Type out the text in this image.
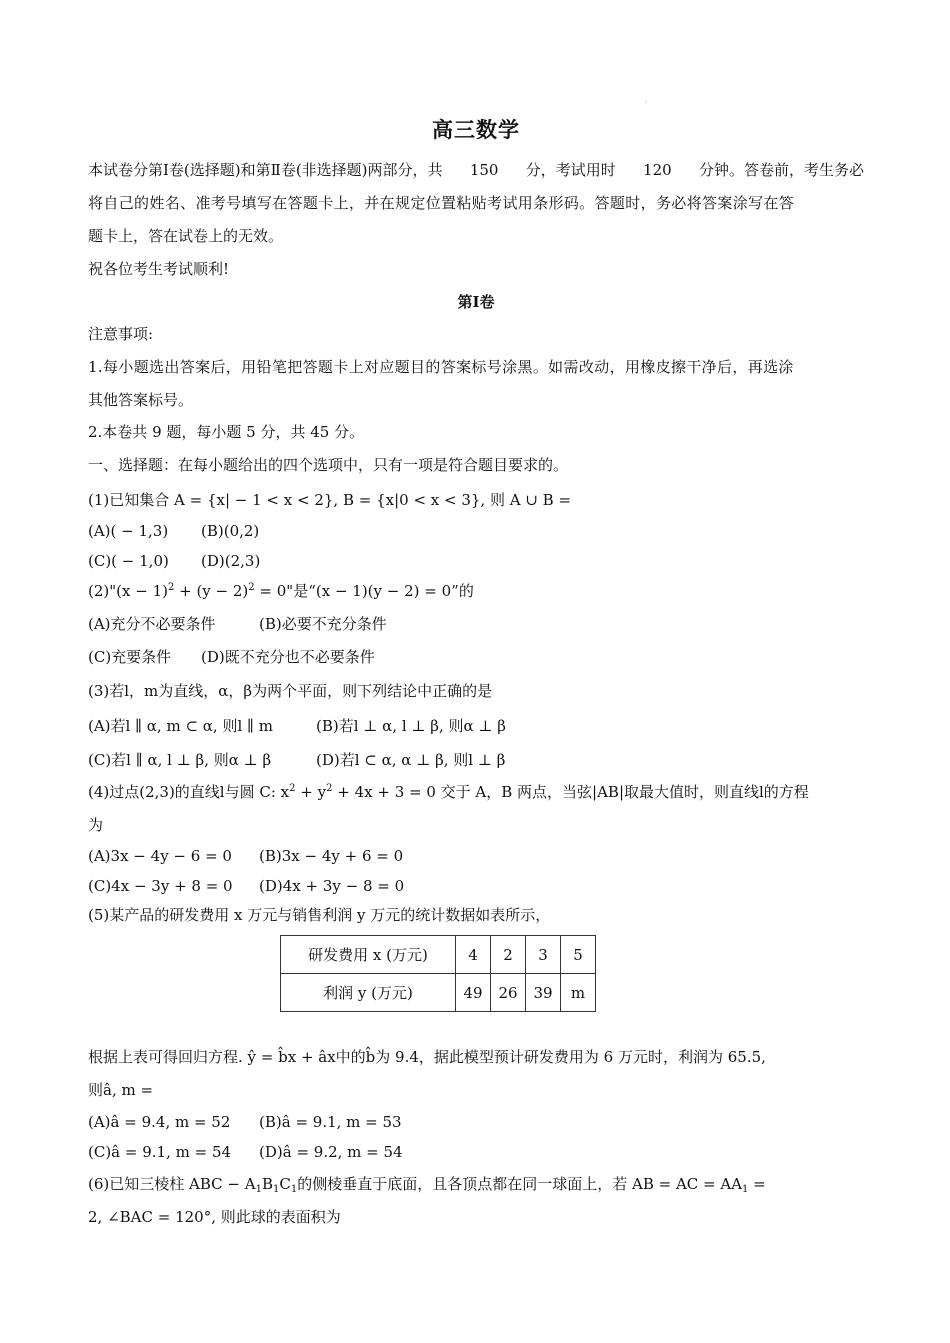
·
高三数学
本试卷分第Ⅰ卷(选择题)和第Ⅱ卷(非选择题)两部分，共 150 分，考试用时 120 分钟。答卷前，考生务必
将自己的姓名、准考号填写在答题卡上，并在规定位置粘贴考试用条形码。答题时，务必将答案涂写在答
题卡上，答在试卷上的无效。
祝各位考生考试顺利!
第Ⅰ卷
注意事项:
1.每小题选出答案后，用铅笔把答题卡上对应题目的答案标号涂黑。如需改动，用橡皮擦干净后，再选涂
其他答案标号。
2.本卷共 9 题，每小题 5 分，共 45 分。
一、选择题：在每小题给出的四个选项中，只有一项是符合题目要求的。
(1)已知集合 A = {x| − 1 < x < 2}, B = {x|0 < x < 3}, 则 A ∪ B =
(A)( − 1,3) (B)(0,2)
(C)( − 1,0) (D)(2,3)
(2)"(x − $1)^2 + (y - 2)^2 = 0$"是“(x − 1)(y − 2) = 0”的
(A)充分不必要条件	(B)必要不充分条件
(C)充要条件 (D)既不充分也不必要条件
(3)若l，m为直线，α，β为两个平面，则下列结论中正确的是
(A)若l ∥ α, m ⊂ α, 则l ∥ m	(B)若l ⊥ α, l ⊥ β, 则α ⊥ β
(C)若l ∥ α, l ⊥ β, 则α ⊥ β	(D)若l ⊂ α, α ⊥ β, 则l ⊥ β
(4)过点(2,3)的直线l与圆 C: $x^2 + y^2 + 4x + 3 = 0$ 交于 A，B 两点，当弦|AB|取最大值时，则直线l的方程
为
(A)3x − 4y − 6 = 0 (B)3x − 4y + 6 = 0
(C)4x − 3y + 8 = 0 (D)4x + 3y − 8 = 0
(5)某产品的研发费用 x 万元与销售利润 y 万元的统计数据如表所示，
研发费用 x (万元)	4	2	3	5
利润 y (万元)	49	26	39	m
根据上表可得回归方程. ŷ = b̂x + âx中的b̂为 9.4，据此模型预计研发费用为 6 万元时，利润为 65.5,
则â, m =
(A)â = 9.4, m = 52 (B)â = 9.1, m = 53
(C)â = 9.1, m = 54 (D)â = 9.2, m = 54
(6)已知三棱柱 ABC − $A_1B_1C_1$的侧棱垂直于底面，且各顶点都在同一球面上，若 AB = AC = $AA_1$ =
2, ∠BAC = 120°, 则此球的表面积为
